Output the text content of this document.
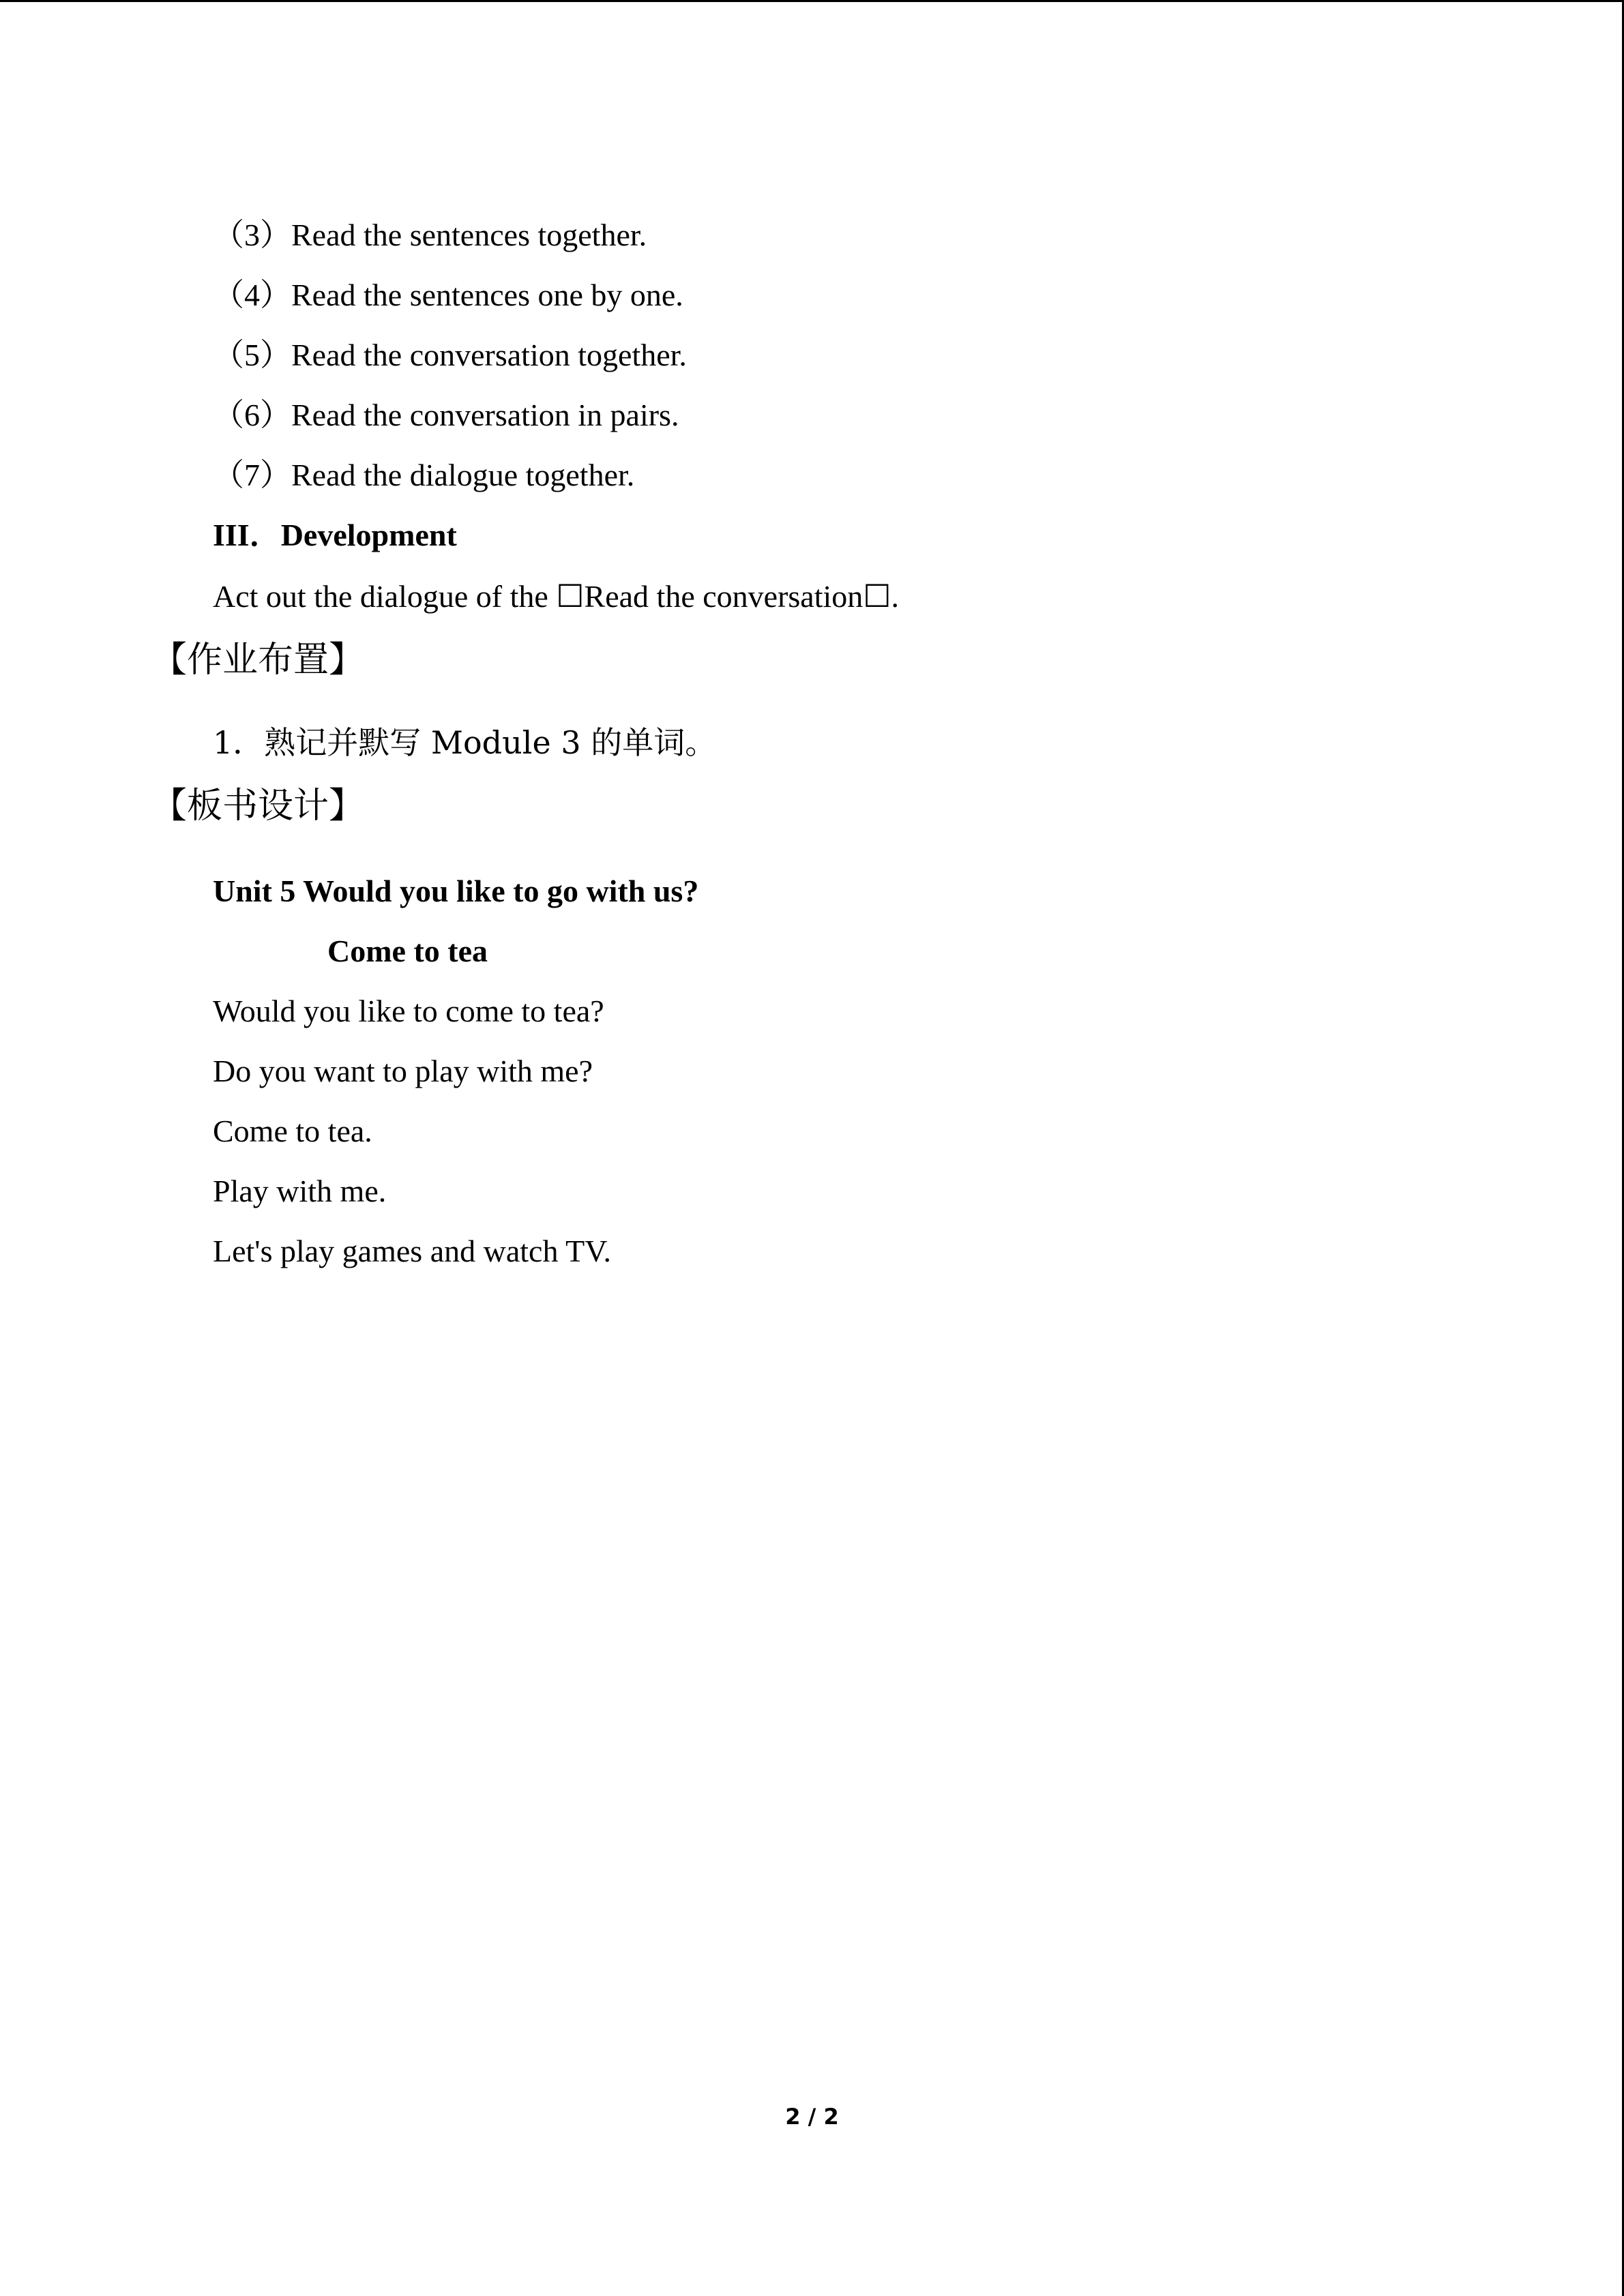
（3）Read the sentences together.
（4）Read the sentences one by one.
（5）Read the conversation together.
（6）Read the conversation in pairs.
（7）Read the dialogue together.
III．Development
Act out the dialogue of the ☐Read the conversation☐.
【作业布置】
1．熟记并默写 Module 3 的单词。
【板书设计】
Unit 5 Would you like to go with us?
Come to tea
Would you like to come to tea?
Do you want to play with me?
Come to tea.
Play with me.
Let's play games and watch TV.
2 / 2
